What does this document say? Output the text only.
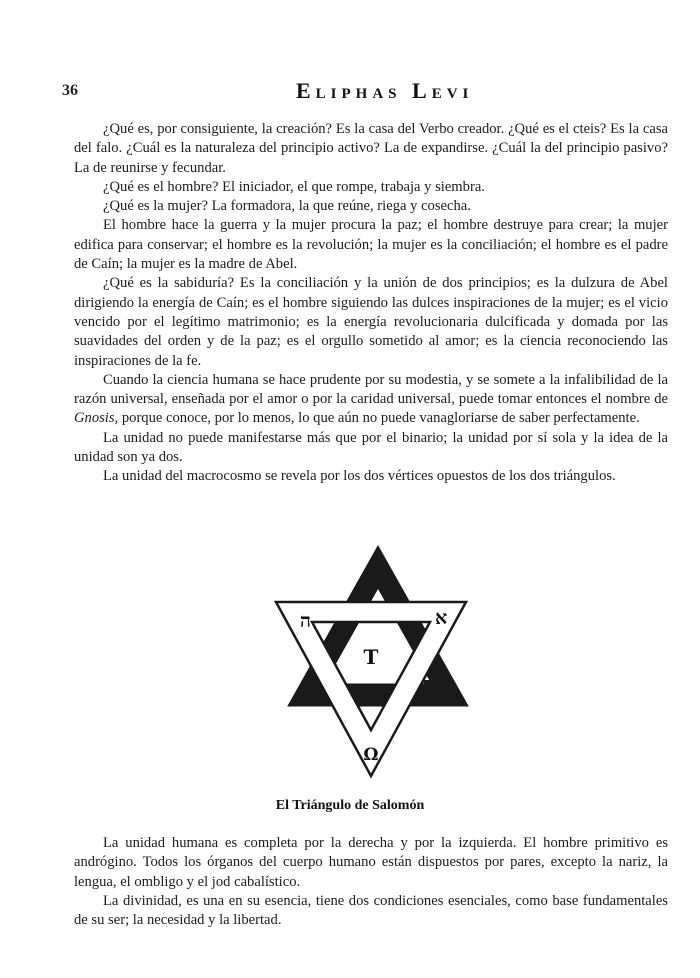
36	Eliphas Levi

¿Qué es, por consiguiente, la creación? Es la casa del Verbo creador. ¿Qué es el cteis? Es la casa del falo. ¿Cuál es la naturaleza del principio activo? La de expandirse. ¿Cuál la del principio pasivo? La de reunirse y fecundar.

¿Qué es el hombre? El iniciador, el que rompe, trabaja y siembra.

¿Qué es la mujer? La formadora, la que reúne, riega y cosecha.

El hombre hace la guerra y la mujer procura la paz; el hombre destruye para crear; la mujer edifica para conservar; el hombre es la revolución; la mujer es la conciliación; el hombre es el padre de Caín; la mujer es la madre de Abel.

¿Qué es la sabiduría? Es la conciliación y la unión de dos principios; es la dulzura de Abel dirigiendo la energía de Caín; es el hombre siguiendo las dulces inspiraciones de la mujer; es el vicio vencido por el legítimo matrimonio; es la energía revolucionaria dulcificada y domada por las suavidades del orden y de la paz; es el orgullo sometido al amor; es la ciencia reconociendo las inspiraciones de la fe.

Cuando la ciencia humana se hace prudente por su modestia, y se somete a la infalibilidad de la razón universal, enseñada por el amor o por la caridad universal, puede tomar entonces el nombre de Gnosis, porque conoce, por lo menos, lo que aún no puede vanagloriarse de saber perfectamente.

La unidad no puede manifestarse más que por el binario; la unidad por sí sola y la idea de la unidad son ya dos.

La unidad del macrocosmo se revela por los dos vértices opuestos de los dos triángulos.

ה	א
T
Ω
El Triángulo de Salomón

La unidad humana es completa por la derecha y por la izquierda. El hombre primitivo es andrógino. Todos los órganos del cuerpo humano están dispuestos por pares, excepto la nariz, la lengua, el ombligo y el jod cabalístico.

La divinidad, es una en su esencia, tiene dos condiciones esenciales, como base fundamentales de su ser; la necesidad y la libertad.
